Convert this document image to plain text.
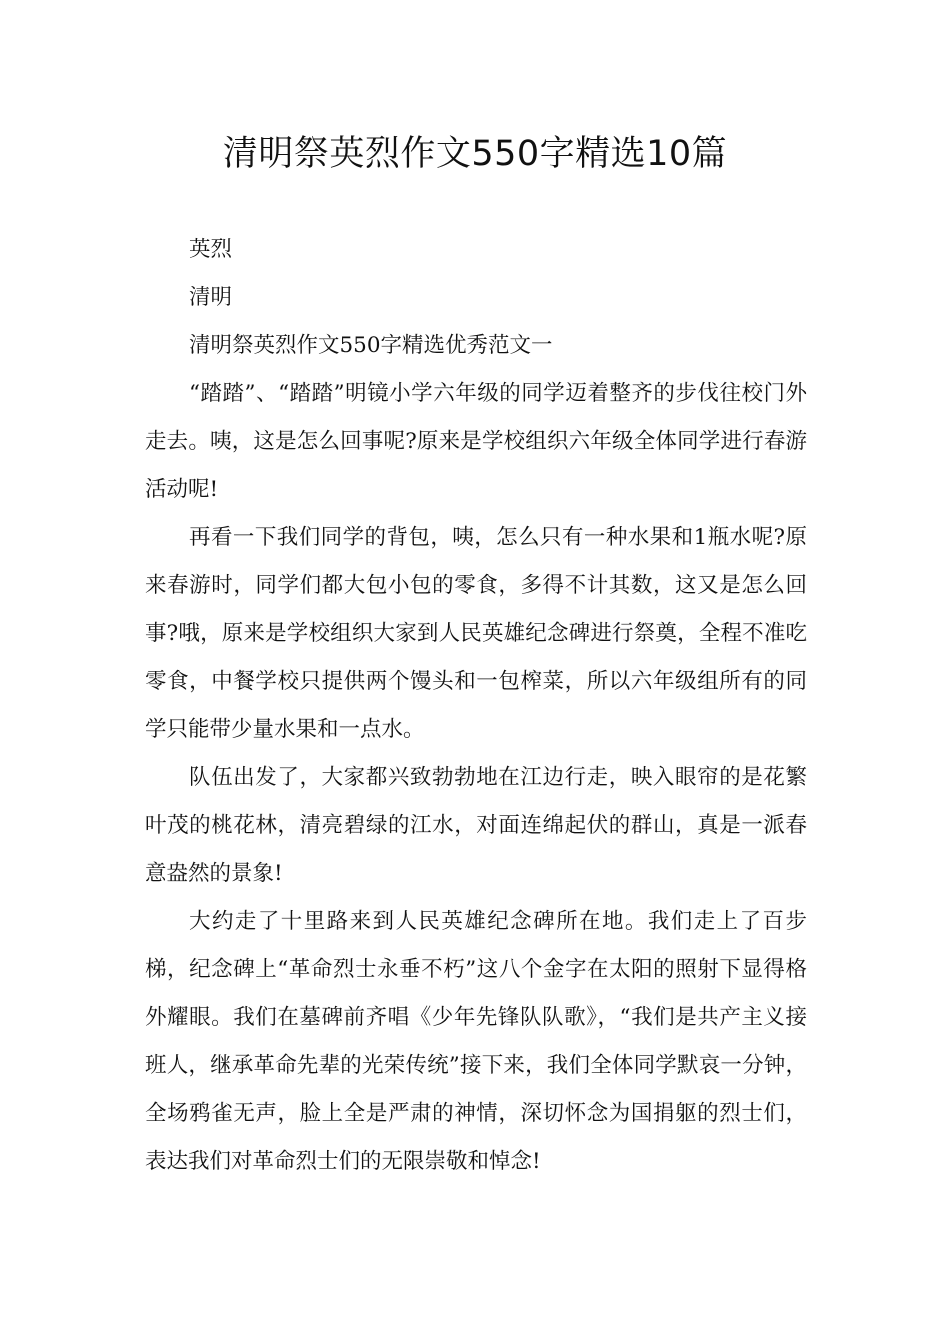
清明祭英烈作文550字精选10篇

英烈

清明

清明祭英烈作文550字精选优秀范文一

“踏踏”、“踏踏”明镜小学六年级的同学迈着整齐的步伐往校门外走去。咦，这是怎么回事呢?原来是学校组织六年级全体同学进行春游活动呢!

再看一下我们同学的背包，咦，怎么只有一种水果和1瓶水呢?原来春游时，同学们都大包小包的零食，多得不计其数，这又是怎么回事?哦，原来是学校组织大家到人民英雄纪念碑进行祭奠，全程不准吃零食，中餐学校只提供两个馒头和一包榨菜，所以六年级组所有的同学只能带少量水果和一点水。

队伍出发了，大家都兴致勃勃地在江边行走，映入眼帘的是花繁叶茂的桃花林，清亮碧绿的江水，对面连绵起伏的群山，真是一派春意盎然的景象!

大约走了十里路来到人民英雄纪念碑所在地。我们走上了百步梯，纪念碑上“革命烈士永垂不朽”这八个金字在太阳的照射下显得格外耀眼。我们在墓碑前齐唱《少年先锋队队歌》，“我们是共产主义接班人，继承革命先辈的光荣传统”接下来，我们全体同学默哀一分钟，全场鸦雀无声，脸上全是严肃的神情，深切怀念为国捐躯的烈士们，表达我们对革命烈士们的无限崇敬和悼念!
